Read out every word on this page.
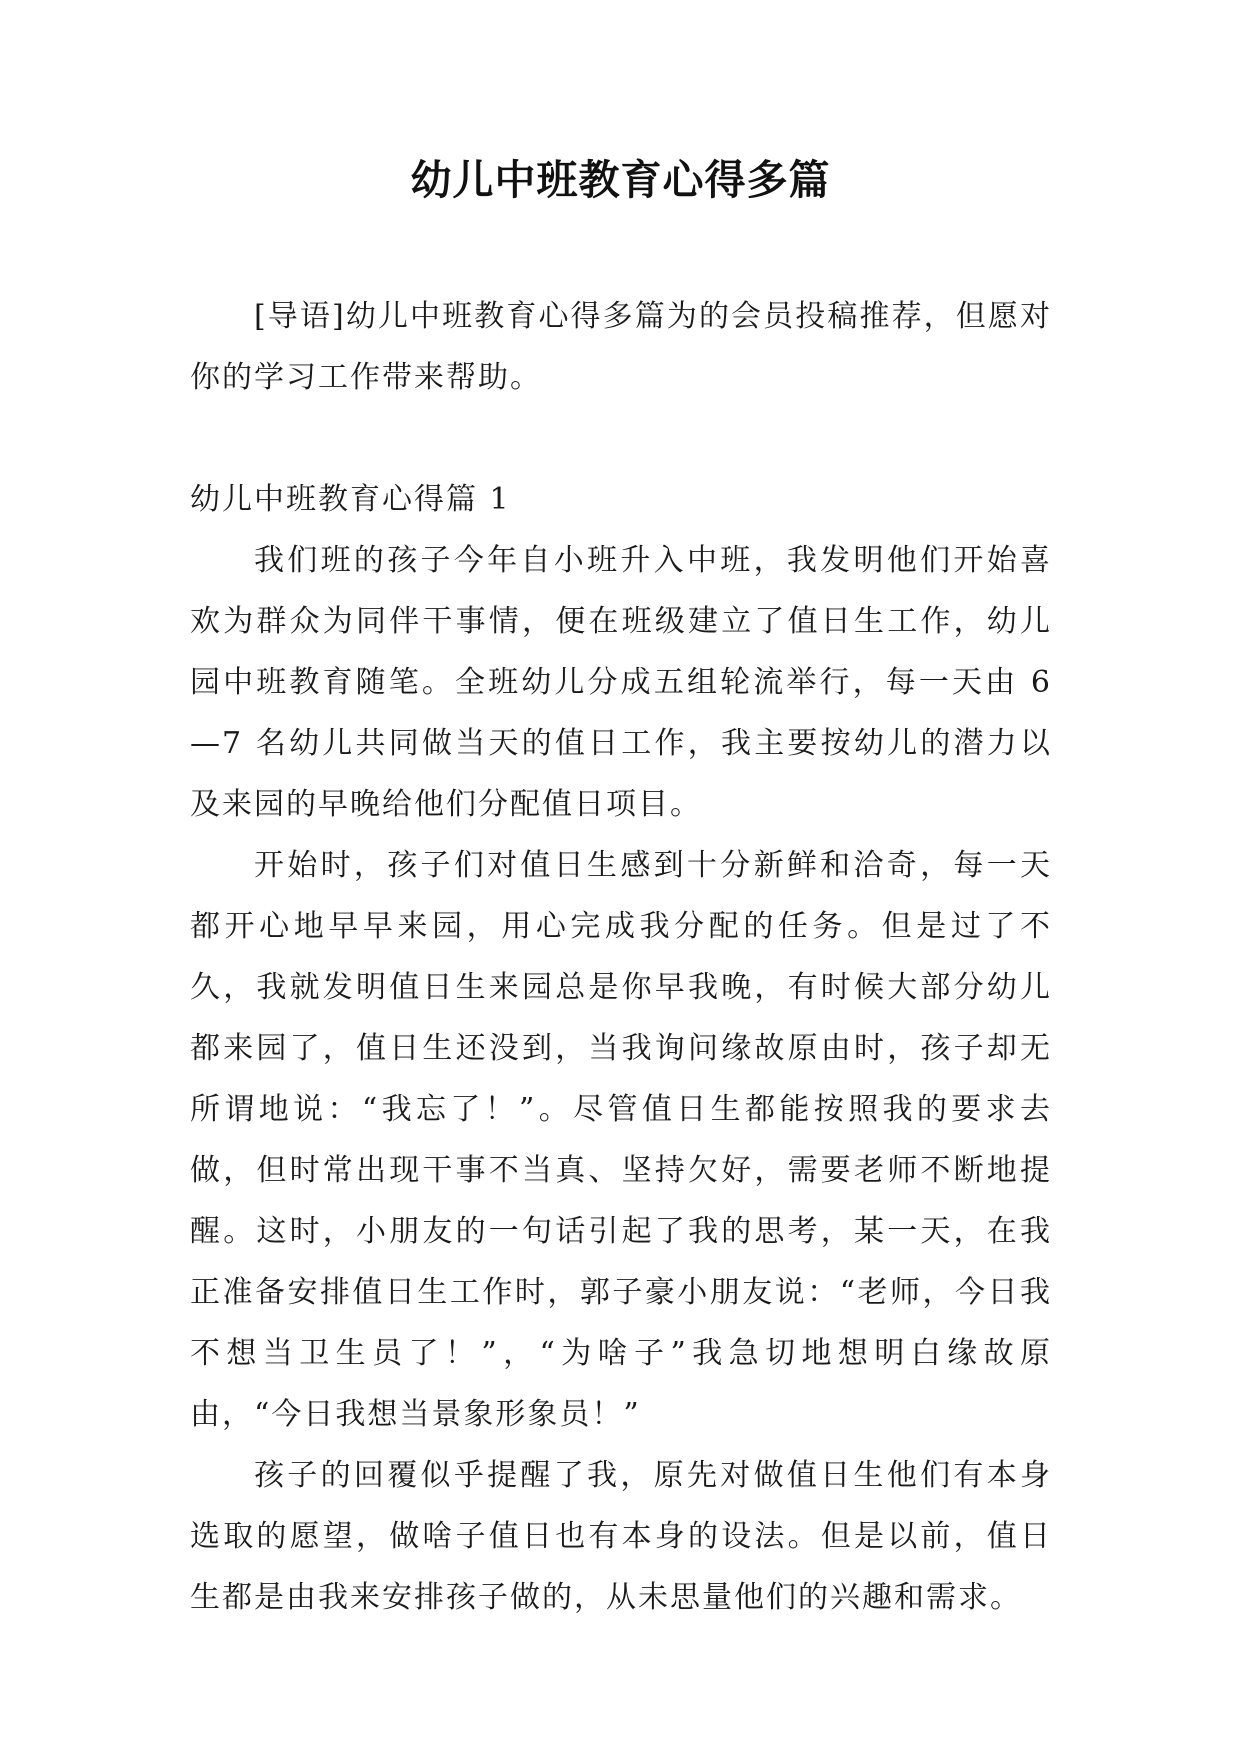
幼儿中班教育心得多篇

[导语]幼儿中班教育心得多篇为的会员投稿推荐，但愿对你的学习工作带来帮助。

幼儿中班教育心得篇 1

我们班的孩子今年自小班升入中班，我发明他们开始喜欢为群众为同伴干事情，便在班级建立了值日生工作，幼儿园中班教育随笔。全班幼儿分成五组轮流举行，每一天由 6—7 名幼儿共同做当天的值日工作，我主要按幼儿的潜力以及来园的早晚给他们分配值日项目。

开始时，孩子们对值日生感到十分新鲜和洽奇，每一天都开心地早早来园，用心完成我分配的任务。但是过了不久，我就发明值日生来园总是你早我晚，有时候大部分幼儿都来园了，值日生还没到，当我询问缘故原由时，孩子却无所谓地说：“我忘了！”。尽管值日生都能按照我的要求去做，但时常出现干事不当真、坚持欠好，需要老师不断地提醒。这时，小朋友的一句话引起了我的思考，某一天，在我正准备安排值日生工作时，郭子豪小朋友说：“老师，今日我不想当卫生员了！”，“为啥子”我急切地想明白缘故原由，“今日我想当景象形象员！”

孩子的回覆似乎提醒了我，原先对做值日生他们有本身选取的愿望，做啥子值日也有本身的设法。但是以前，值日生都是由我来安排孩子做的，从未思量他们的兴趣和需求。
